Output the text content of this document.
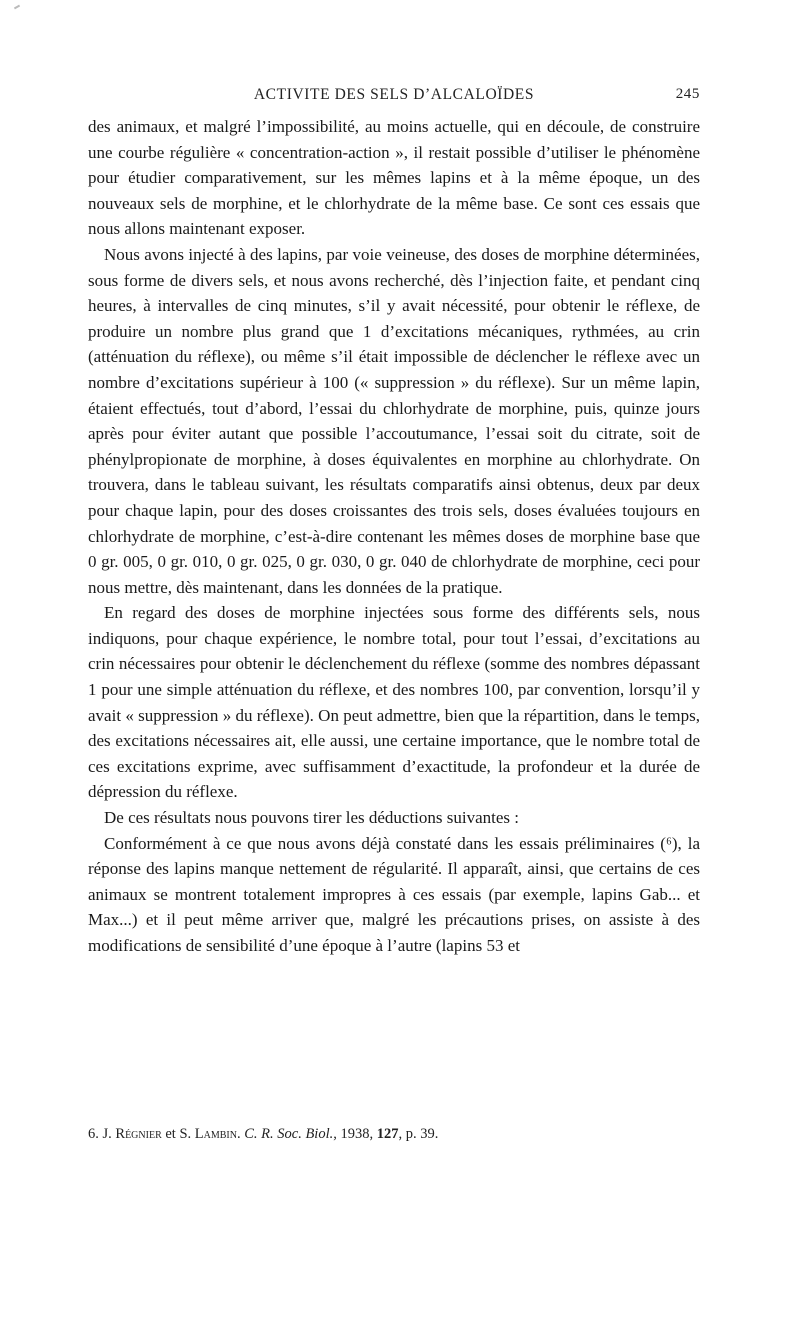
ACTIVITE DES SELS D’ALCALOÏDES	245

des animaux, et malgré l’impossibilité, au moins actuelle, qui en découle, de construire une courbe régulière « concentration-action », il restait possible d’utiliser le phénomène pour étudier comparativement, sur les mêmes lapins et à la même époque, un des nouveaux sels de morphine, et le chlorhydrate de la même base. Ce sont ces essais que nous allons maintenant exposer.

Nous avons injecté à des lapins, par voie veineuse, des doses de morphine déterminées, sous forme de divers sels, et nous avons recherché, dès l’injection faite, et pendant cinq heures, à intervalles de cinq minutes, s’il y avait nécessité, pour obtenir le réflexe, de produire un nombre plus grand que 1 d’excitations mécaniques, rythmées, au crin (atténuation du réflexe), ou même s’il était impossible de déclencher le réflexe avec un nombre d’excitations supérieur à 100 (« suppression » du réflexe). Sur un même lapin, étaient effectués, tout d’abord, l’essai du chlorhydrate de morphine, puis, quinze jours après pour éviter autant que possible l’accoutumance, l’essai soit du citrate, soit de phénylpropionate de morphine, à doses équivalentes en morphine au chlorhydrate. On trouvera, dans le tableau suivant, les résultats comparatifs ainsi obtenus, deux par deux pour chaque lapin, pour des doses croissantes des trois sels, doses évaluées toujours en chlorhydrate de morphine, c’est-à-dire contenant les mêmes doses de morphine base que 0 gr. 005, 0 gr. 010, 0 gr. 025, 0 gr. 030, 0 gr. 040 de chlorhydrate de morphine, ceci pour nous mettre, dès maintenant, dans les données de la pratique.

En regard des doses de morphine injectées sous forme des différents sels, nous indiquons, pour chaque expérience, le nombre total, pour tout l’essai, d’excitations au crin nécessaires pour obtenir le déclenchement du réflexe (somme des nombres dépassant 1 pour une simple atténuation du réflexe, et des nombres 100, par convention, lorsqu’il y avait « suppression » du réflexe). On peut admettre, bien que la répartition, dans le temps, des excitations nécessaires ait, elle aussi, une certaine importance, que le nombre total de ces excitations exprime, avec suffisamment d’exactitude, la profondeur et la durée de dépression du réflexe.

De ces résultats nous pouvons tirer les déductions suivantes :

Conformément à ce que nous avons déjà constaté dans les essais préliminaires (⁶), la réponse des lapins manque nettement de régularité. Il apparaît, ainsi, que certains de ces animaux se montrent totalement impropres à ces essais (par exemple, lapins Gab... et Max...) et il peut même arriver que, malgré les précautions prises, on assiste à des modifications de sensibilité d’une époque à l’autre (lapins 53 et

6. J. Régnier et S. Lambin. C. R. Soc. Biol., 1938, 127, p. 39.
